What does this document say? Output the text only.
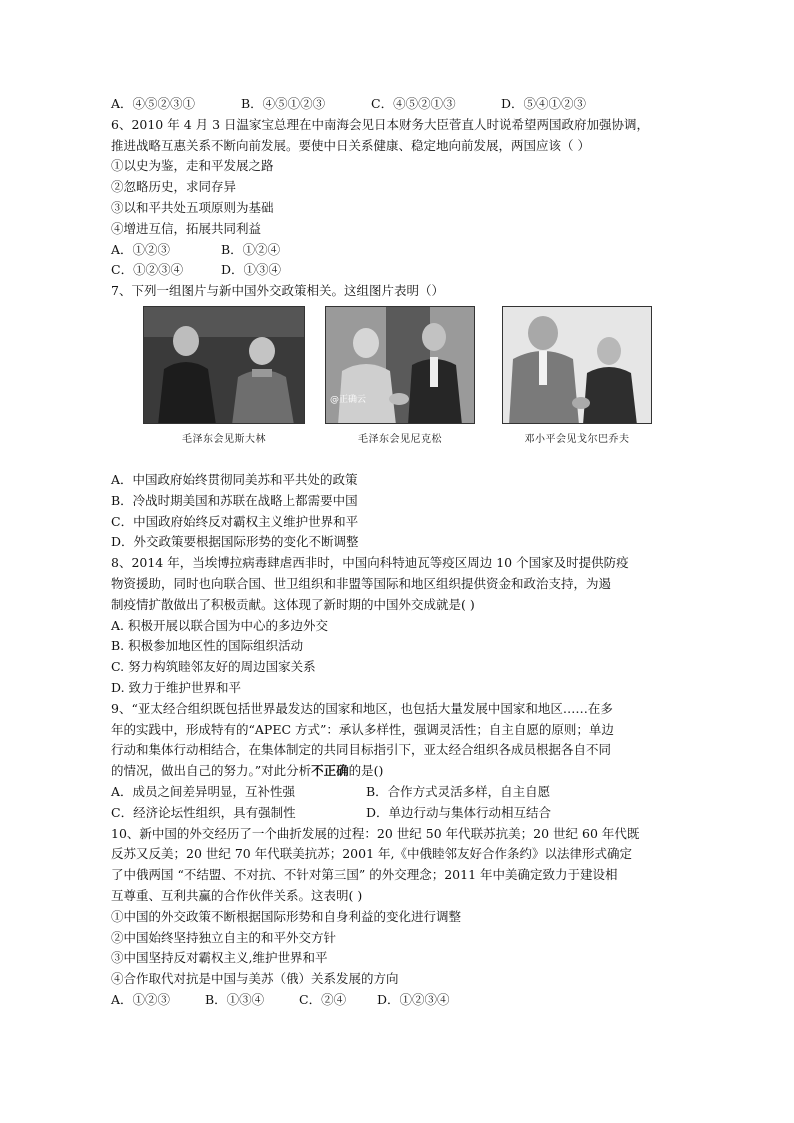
A．④⑤②③①	B．④⑤①②③	C．④⑤②①③	D．⑤④①②③
6、2010 年 4 月 3 日温家宝总理在中南海会见日本财务大臣菅直人时说希望两国政府加强协调，
推进战略互惠关系不断向前发展。要使中日关系健康、稳定地向前发展，两国应该（ ）
①以史为鉴，走和平发展之路
②忽略历史，求同存异
③以和平共处五项原则为基础
④增进互信，拓展共同利益
A．①②③	B．①②④
C．①②③④	D．①③④
7、下列一组图片与新中国外交政策相关。这组图片表明（）
毛泽东会见斯大林
@正确云
毛泽东会见尼克松	邓小平会见戈尔巴乔夫
A．中国政府始终贯彻同美苏和平共处的政策
B．冷战时期美国和苏联在战略上都需要中国
C．中国政府始终反对霸权主义维护世界和平
D．外交政策要根据国际形势的变化不断调整
8、2014 年，当埃博拉病毒肆虐西非时，中国向科特迪瓦等疫区周边 10 个国家及时提供防疫
物资援助，同时也向联合国、世卫组织和非盟等国际和地区组织提供资金和政治支持，为遏
制疫情扩散做出了积极贡献。这体现了新时期的中国外交成就是( )
A. 积极开展以联合国为中心的多边外交
B. 积极参加地区性的国际组织活动
C. 努力构筑睦邻友好的周边国家关系
D. 致力于维护世界和平
9、“亚太经合组织既包括世界最发达的国家和地区，也包括大量发展中国家和地区……在多
年的实践中，形成特有的“APEC 方式”：承认多样性，强调灵活性；自主自愿的原则；单边
行动和集体行动相结合，在集体制定的共同目标指引下，亚太经合组织各成员根据各自不同
的情况，做出自己的努力。”对此分析不正确的是()
A．成员之间差异明显，互补性强	B．合作方式灵活多样，自主自愿
C．经济论坛性组织，具有强制性	D．单边行动与集体行动相互结合
10、新中国的外交经历了一个曲折发展的过程：20 世纪 50 年代联苏抗美；20 世纪 60 年代既
反苏又反美；20 世纪 70 年代联美抗苏；2001 年,《中俄睦邻友好合作条约》以法律形式确定
了中俄两国 “不结盟、不对抗、不针对第三国” 的外交理念；2011 年中美确定致力于建设相
互尊重、互利共赢的合作伙伴关系。这表明( )
①中国的外交政策不断根据国际形势和自身利益的变化进行调整
②中国始终坚持独立自主的和平外交方针
③中国坚持反对霸权主义,维护世界和平
④合作取代对抗是中国与美苏（俄）关系发展的方向
A．①②③	B．①③④	C．②④	D．①②③④
